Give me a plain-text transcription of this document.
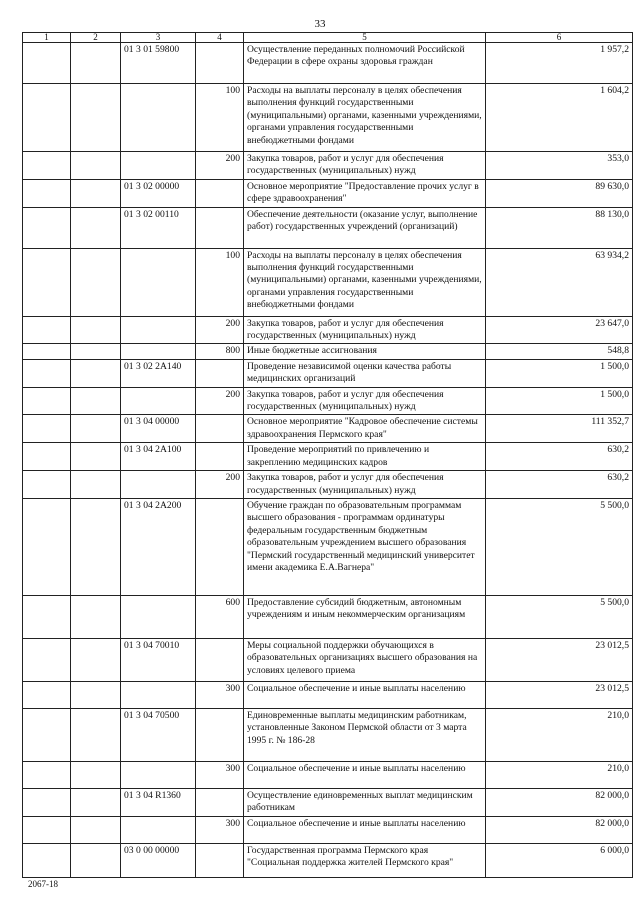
33
1	2	3	4	5	6
		01 3 01 59800		Осуществление переданных полномочий Российской Федерации в сфере охраны здоровья граждан	1 957,2
			100	Расходы на выплаты персоналу в целях обеспечения выполнения функций государственными (муниципальными) органами, казенными учреждениями, органами управления государственными внебюджетными фондами	1 604,2
			200	Закупка товаров, работ и услуг для обеспечения государственных (муниципальных) нужд	353,0
		01 3 02 00000		Основное мероприятие "Предоставление прочих услуг в сфере здравоохранения"	89 630,0
		01 3 02 00110		Обеспечение деятельности (оказание услуг, выполнение работ) государственных учреждений (организаций)	88 130,0
			100	Расходы на выплаты персоналу в целях обеспечения выполнения функций государственными (муниципальными) органами, казенными учреждениями, органами управления государственными внебюджетными фондами	63 934,2
			200	Закупка товаров, работ и услуг для обеспечения государственных (муниципальных) нужд	23 647,0
			800	Иные бюджетные ассигнования	548,8
		01 3 02 2А140		Проведение независимой оценки качества работы медицинских организаций	1 500,0
			200	Закупка товаров, работ и услуг для обеспечения государственных (муниципальных) нужд	1 500,0
		01 3 04 00000		Основное мероприятие "Кадровое обеспечение системы здравоохранения Пермского края"	111 352,7
		01 3 04 2А100		Проведение мероприятий по привлечению и закреплению медицинских кадров	630,2
			200	Закупка товаров, работ и услуг для обеспечения государственных (муниципальных) нужд	630,2
		01 3 04 2А200		Обучение граждан по образовательным программам высшего образования - программам ординатуры федеральным государственным бюджетным образовательным учреждением высшего образования "Пермский государственный медицинский университет имени академика Е.А.Вагнера"	5 500,0
			600	Предоставление субсидий бюджетным, автономным учреждениям и иным некоммерческим организациям	5 500,0
		01 3 04 70010		Меры социальной поддержки обучающихся в образовательных организациях высшего образования на условиях целевого приема	23 012,5
			300	Социальное обеспечение и иные выплаты населению	23 012,5
		01 3 04 70500		Единовременные выплаты медицинским работникам, установленные Законом Пермской области от 3 марта 1995 г. № 186-28	210,0
			300	Социальное обеспечение и иные выплаты населению	210,0
		01 3 04 R1360		Осуществление единовременных выплат медицинским работникам	82 000,0
			300	Социальное обеспечение и иные выплаты населению	82 000,0
		03 0 00 00000		Государственная программа Пермского края "Социальная поддержка жителей Пермского края"	6 000,0
2067-18
